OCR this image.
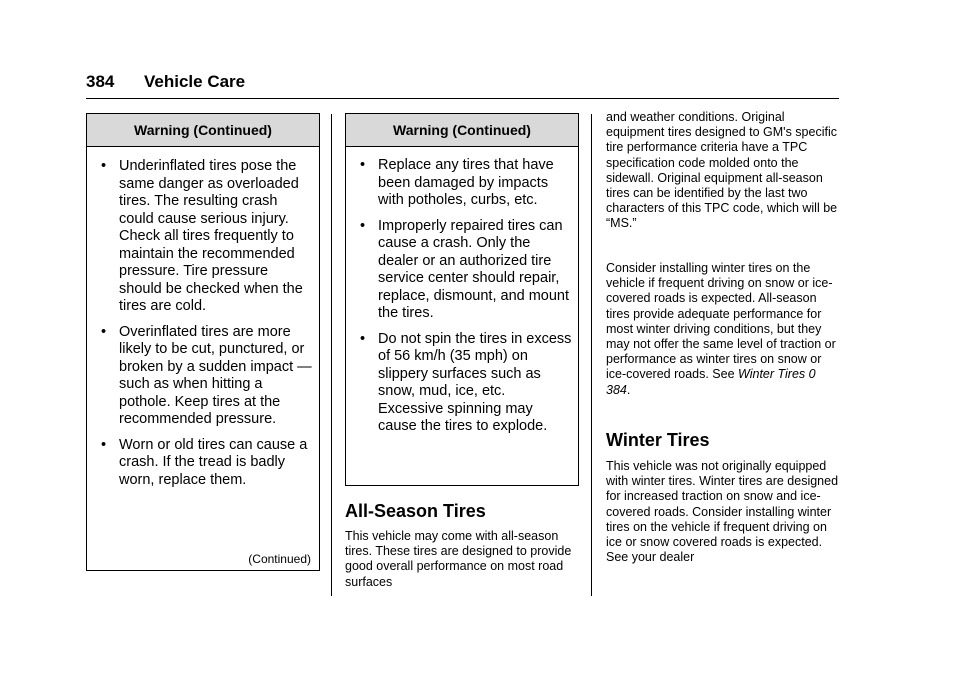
384 Vehicle Care
Warning (Continued)
• Underinflated tires pose the same danger as overloaded tires. The resulting crash could cause serious injury. Check all tires frequently to maintain the recommended pressure. Tire pressure should be checked when the tires are cold.
• Overinflated tires are more likely to be cut, punctured, or broken by a sudden impact — such as when hitting a pothole. Keep tires at the recommended pressure.
• Worn or old tires can cause a crash. If the tread is badly worn, replace them.
(Continued)
Warning (Continued)
• Replace any tires that have been damaged by impacts with potholes, curbs, etc.
• Improperly repaired tires can cause a crash. Only the dealer or an authorized tire service center should repair, replace, dismount, and mount the tires.
• Do not spin the tires in excess of 56 km/h (35 mph) on slippery surfaces such as snow, mud, ice, etc. Excessive spinning may cause the tires to explode.
All-Season Tires

This vehicle may come with all-season tires. These tires are designed to provide good overall performance on most road surfaces

and weather conditions. Original equipment tires designed to GM's specific tire performance criteria have a TPC specification code molded onto the sidewall. Original equipment all-season tires can be identified by the last two characters of this TPC code, which will be “MS.”

Consider installing winter tires on the vehicle if frequent driving on snow or ice-covered roads is expected. All-season tires provide adequate performance for most winter driving conditions, but they may not offer the same level of traction or performance as winter tires on snow or ice-covered roads. See Winter Tires 0 384.

Winter Tires

This vehicle was not originally equipped with winter tires. Winter tires are designed for increased traction on snow and ice-covered roads. Consider installing winter tires on the vehicle if frequent driving on ice or snow covered roads is expected. See your dealer
